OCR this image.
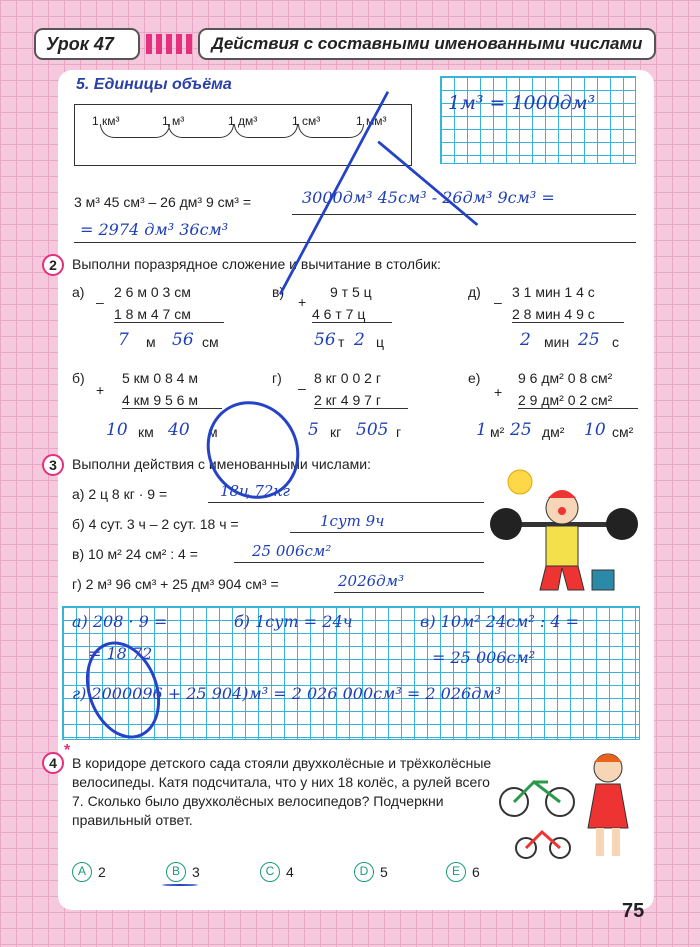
Урок 47	Действия с составными именованными числами
5. Единицы объёма
1 км³	1 м³	1 дм³	1 см³	1 мм³
1м³ = 1000дм³
3 м³ 45 см³ – 26 дм³ 9 см³ =	3000дм³ 45см³ - 26дм³ 9см³ =
= 2974 дм³ 36см³
2	Выполни поразрядное сложение и вычитание в столбик:
а)
–
2 6 м 0 3 см
1 8 м 4 7 см
7 м 56 см
в)
+
9 т 5 ц
4 6 т 7 ц
56 т 2 ц
д)
–
3 1 мин 1 4 с
2 8 мин 4 9 с
2 мин 25 с
б)
+
5 км 0 8 4 м
4 км 9 5 6 м
10 км 40 м
г)
–
8 кг 0 0 2 г
2 кг 4 9 7 г
5 кг 505 г
е)
+
9 6 дм² 0 8 см²
2 9 дм² 0 2 см²
1 м² 25 дм² 10 см²
3	Выполни действия с именованными числами:
а) 2 ц 8 кг · 9 =	18ц 72кг
б) 4 сут. 3 ч – 2 сут. 18 ч =	1сут 9ч
в) 10 м² 24 см² : 4 =	25 006см²
г) 2 м³ 96 см³ + 25 дм³ 904 см³ =	2026дм³
а) 208 · 9 =
= 18 72
б) 1сут = 24ч	в) 10м² 24см² : 4 =
= 25 006см²
г) 2000096 + 25 904)м³ = 2 026 000см³ = 2 026дм³
4
*
В коридоре детского сада стояли двухколёсные и трёхколёсные велосипеды. Катя подсчитала, что у них 18 колёс, а рулей всего 7. Сколько было двухколёсных велосипедов? Подчеркни правильный ответ.
А 2	В 3	С 4	D 5	Е 6
75
